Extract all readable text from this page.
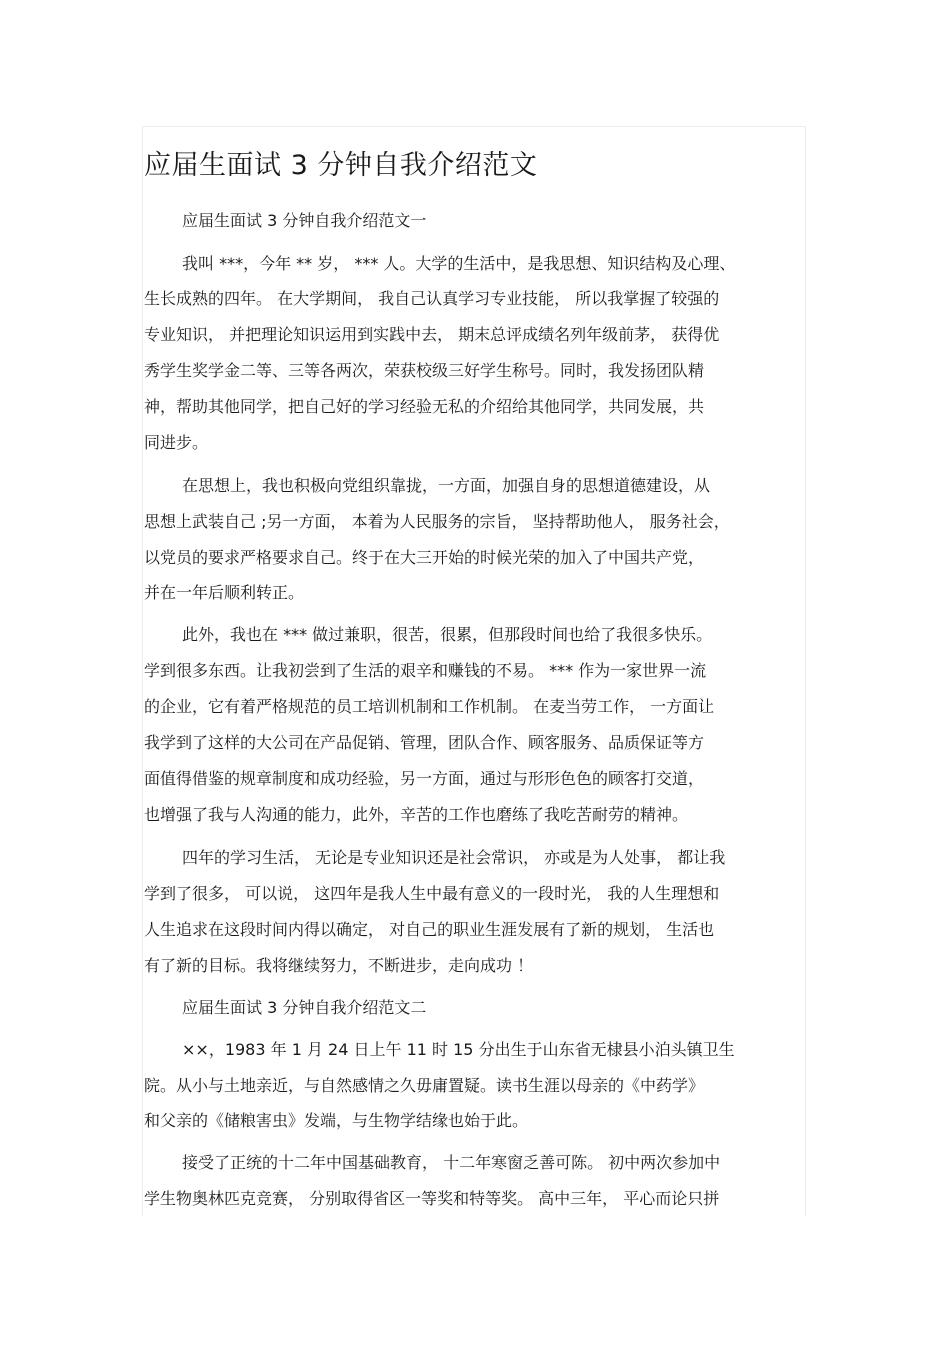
应届生面试 3 分钟自我介绍范文
应届生面试 3 分钟自我介绍范文一
我叫 ***，今年 ** 岁， *** 人。大学的生活中，是我思想、知识结构及心理、
生长成熟的四年。 在大学期间， 我自己认真学习专业技能， 所以我掌握了较强的
专业知识， 并把理论知识运用到实践中去， 期末总评成绩名列年级前茅， 获得优
秀学生奖学金二等、三等各两次，荣获校级三好学生称号。同时，我发扬团队精
神，帮助其他同学，把自己好的学习经验无私的介绍给其他同学，共同发展，共
同进步。
在思想上，我也积极向党组织靠拢，一方面，加强自身的思想道德建设，从
思想上武装自己 ;另一方面， 本着为人民服务的宗旨， 坚持帮助他人， 服务社会，
以党员的要求严格要求自己。终于在大三开始的时候光荣的加入了中国共产党，
并在一年后顺利转正。
此外，我也在 *** 做过兼职，很苦，很累，但那段时间也给了我很多快乐。
学到很多东西。让我初尝到了生活的艰辛和赚钱的不易。 *** 作为一家世界一流
的企业，它有着严格规范的员工培训机制和工作机制。 在麦当劳工作， 一方面让
我学到了这样的大公司在产品促销、管理，团队合作、顾客服务、品质保证等方
面值得借鉴的规章制度和成功经验，另一方面，通过与形形色色的顾客打交道，
也增强了我与人沟通的能力，此外，辛苦的工作也磨练了我吃苦耐劳的精神。
四年的学习生活， 无论是专业知识还是社会常识， 亦或是为人处事， 都让我
学到了很多， 可以说， 这四年是我人生中最有意义的一段时光， 我的人生理想和
人生追求在这段时间内得以确定， 对自己的职业生涯发展有了新的规划， 生活也
有了新的目标。我将继续努力，不断进步，走向成功 ！
应届生面试 3 分钟自我介绍范文二
××，1983 年 1 月 24 日上午 11 时 15 分出生于山东省无棣县小泊头镇卫生
院。从小与土地亲近，与自然感情之久毋庸置疑。读书生涯以母亲的《中药学》
和父亲的《储粮害虫》发端，与生物学结缘也始于此。
接受了正统的十二年中国基础教育， 十二年寒窗乏善可陈。 初中两次参加中
学生物奥林匹克竞赛， 分别取得省区一等奖和特等奖。 高中三年， 平心而论只拼
